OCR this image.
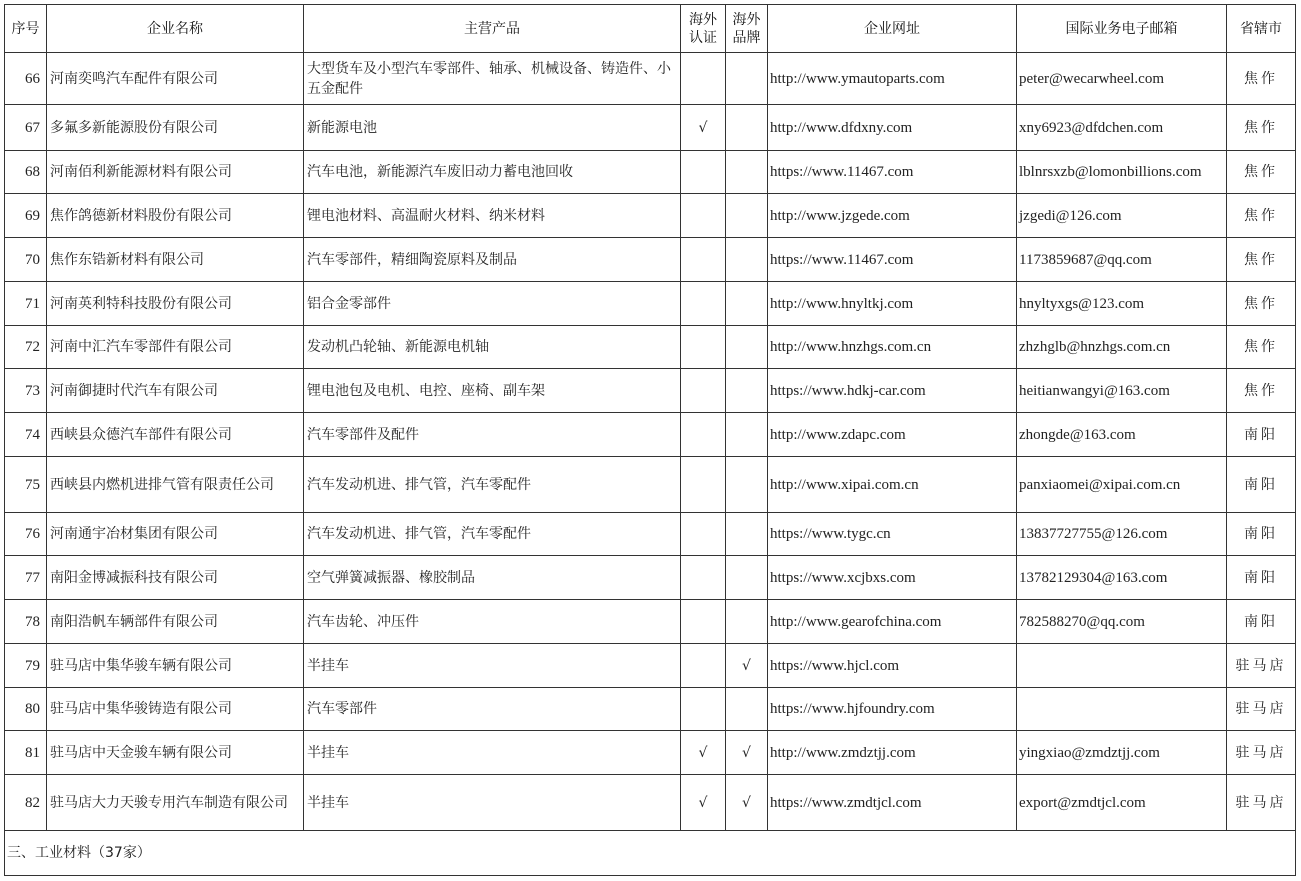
序号	企业名称	主营产品	海外认证	海外品牌	企业网址	国际业务电子邮箱	省辖市
66	河南奕鸣汽车配件有限公司	大型货车及小型汽车零部件、轴承、机械设备、铸造件、小五金配件			http://www.ymautoparts.com	peter@wecarwheel.com	焦作
67	多氟多新能源股份有限公司	新能源电池	√		http://www.dfdxny.com	xny6923@dfdchen.com	焦作
68	河南佰利新能源材料有限公司	汽车电池，新能源汽车废旧动力蓄电池回收			https://www.11467.com	lblnrsxzb@lomonbillions.com	焦作
69	焦作鸽德新材料股份有限公司	锂电池材料、高温耐火材料、纳米材料			http://www.jzgede.com	jzgedi@126.com	焦作
70	焦作东锆新材料有限公司	汽车零部件，精细陶瓷原料及制品			https://www.11467.com	1173859687@qq.com	焦作
71	河南英利特科技股份有限公司	铝合金零部件			http://www.hnyltkj.com	hnyltyxgs@123.com	焦作
72	河南中汇汽车零部件有限公司	发动机凸轮轴、新能源电机轴			http://www.hnzhgs.com.cn	zhzhglb@hnzhgs.com.cn	焦作
73	河南御捷时代汽车有限公司	锂电池包及电机、电控、座椅、副车架			https://www.hdkj-car.com	heitianwangyi@163.com	焦作
74	西峡县众德汽车部件有限公司	汽车零部件及配件			http://www.zdapc.com	zhongde@163.com	南阳
75	西峡县内燃机进排气管有限责任公司	汽车发动机进、排气管，汽车零配件			http://www.xipai.com.cn	panxiaomei@xipai.com.cn	南阳
76	河南通宇冶材集团有限公司	汽车发动机进、排气管，汽车零配件			https://www.tygc.cn	13837727755@126.com	南阳
77	南阳金博减振科技有限公司	空气弹簧减振器、橡胶制品			https://www.xcjbxs.com	13782129304@163.com	南阳
78	南阳浩帆车辆部件有限公司	汽车齿轮、冲压件			http://www.gearofchina.com	782588270@qq.com	南阳
79	驻马店中集华骏车辆有限公司	半挂车		√	https://www.hjcl.com		驻马店
80	驻马店中集华骏铸造有限公司	汽车零部件			https://www.hjfoundry.com		驻马店
81	驻马店中天金骏车辆有限公司	半挂车	√	√	http://www.zmdztjj.com	yingxiao@zmdztjj.com	驻马店
82	驻马店大力天骏专用汽车制造有限公司	半挂车	√	√	https://www.zmdtjcl.com	export@zmdtjcl.com	驻马店
三、工业材料（37家）							
